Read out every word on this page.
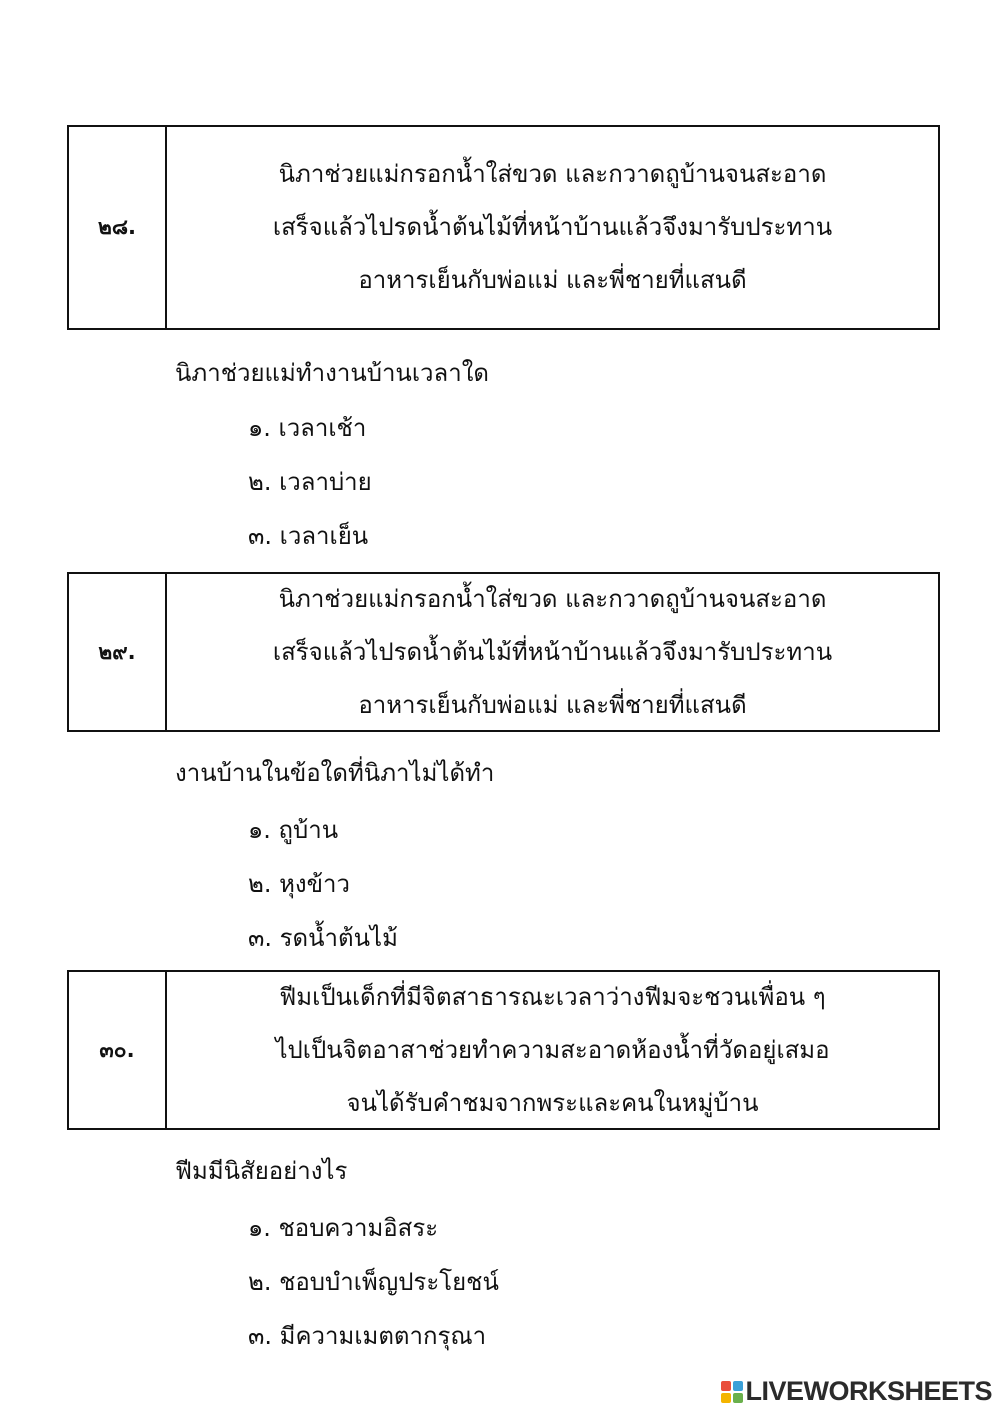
๒๘.
นิภาช่วยแม่กรอกน้ำใส่ขวด และกวาดถูบ้านจนสะอาด
เสร็จแล้วไปรดน้ำต้นไม้ที่หน้าบ้านแล้วจึงมารับประทาน
อาหารเย็นกับพ่อแม่ และพี่ชายที่แสนดี
นิภาช่วยแม่ทำงานบ้านเวลาใด
๑. เวลาเช้า
๒. เวลาบ่าย
๓. เวลาเย็น
๒๙.
นิภาช่วยแม่กรอกน้ำใส่ขวด และกวาดถูบ้านจนสะอาด
เสร็จแล้วไปรดน้ำต้นไม้ที่หน้าบ้านแล้วจึงมารับประทาน
อาหารเย็นกับพ่อแม่ และพี่ชายที่แสนดี
งานบ้านในข้อใดที่นิภาไม่ได้ทำ
๑. ถูบ้าน
๒. หุงข้าว
๓. รดน้ำต้นไม้
๓๐.
ฟีมเป็นเด็กที่มีจิตสาธารณะเวลาว่างฟีมจะชวนเพื่อน ๆ
ไปเป็นจิตอาสาช่วยทำความสะอาดห้องน้ำที่วัดอยู่เสมอ
จนได้รับคำชมจากพระและคนในหมู่บ้าน
ฟีมมีนิสัยอย่างไร
๑. ชอบความอิสระ
๒. ชอบบำเพ็ญประโยชน์
๓. มีความเมตตากรุณา
LIVEWORKSHEETS
